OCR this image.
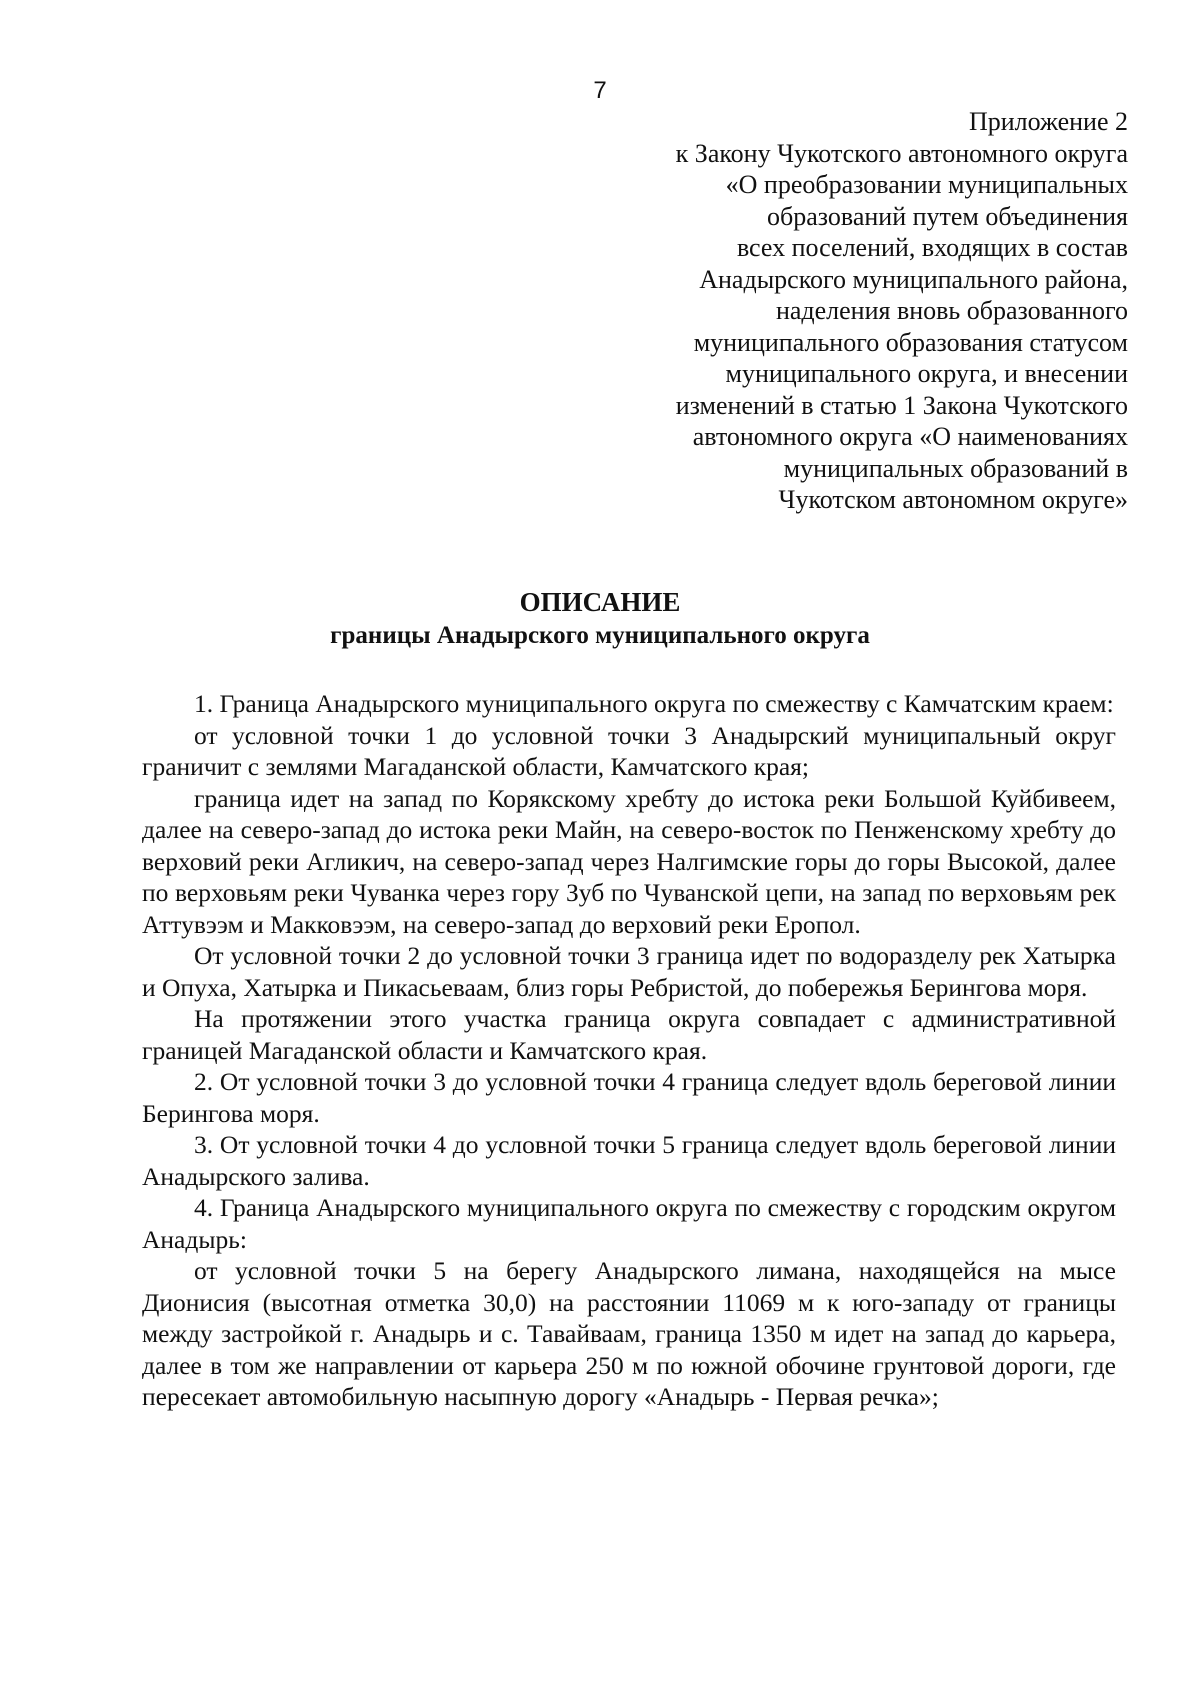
7
Приложение 2
к Закону Чукотского автономного округа
«О преобразовании муниципальных
образований путем объединения
всех поселений, входящих в состав
Анадырского муниципального района,
наделения вновь образованного
муниципального образования статусом
муниципального округа, и внесении
изменений в статью 1 Закона Чукотского
автономного округа «О наименованиях
муниципальных образований в
Чукотском автономном округе»
ОПИСАНИЕ
границы Анадырского муниципального округа

1. Граница Анадырского муниципального округа по смежеству с Камчатским краем:

от условной точки 1 до условной точки 3 Анадырский муниципальный округ граничит с землями Магаданской области, Камчатского края;

граница идет на запад по Корякскому хребту до истока реки Большой Куйбивеем, далее на северо-запад до истока реки Майн, на северо-восток по Пенженскому хребту до верховий реки Агликич, на северо-запад через Налгимские горы до горы Высокой, далее по верховьям реки Чуванка через гору Зуб по Чуванской цепи, на запад по верховьям рек Аттувээм и Макковээм, на северо-запад до верховий реки Еропол.

От условной точки 2 до условной точки 3 граница идет по водоразделу рек Хатырка и Опуха, Хатырка и Пикасьеваам, близ горы Ребристой, до побережья Берингова моря.

На протяжении этого участка граница округа совпадает с административной границей Магаданской области и Камчатского края.

2. От условной точки 3 до условной точки 4 граница следует вдоль береговой линии Берингова моря.

3. От условной точки 4 до условной точки 5 граница следует вдоль береговой линии Анадырского залива.

4. Граница Анадырского муниципального округа по смежеству с городским округом Анадырь:

от условной точки 5 на берегу Анадырского лимана, находящейся на мысе Дионисия (высотная отметка 30,0) на расстоянии 11069 м к юго-западу от границы между застройкой г. Анадырь и с. Тавайваам, граница 1350 м идет на запад до карьера, далее в том же направлении от карьера 250 м по южной обочине грунтовой дороги, где пересекает автомобильную насыпную дорогу «Анадырь - Первая речка»;
